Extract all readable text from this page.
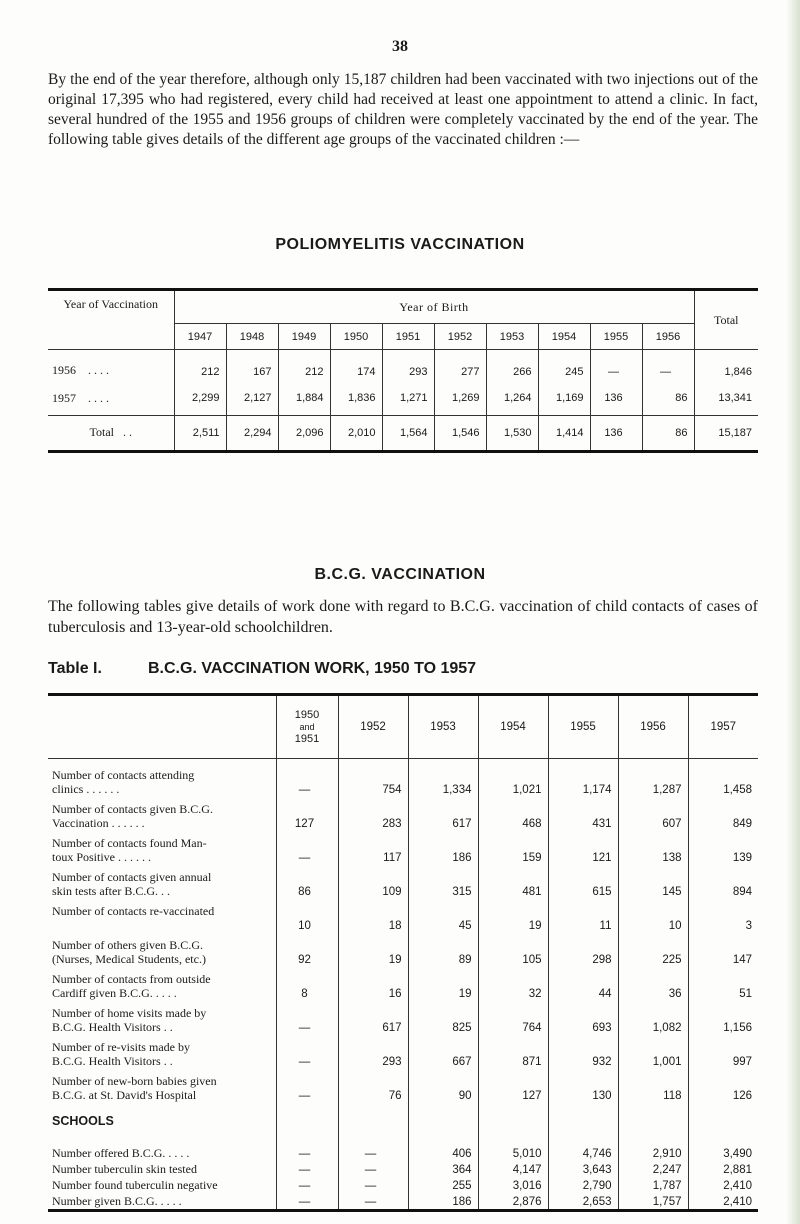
38
By the end of the year therefore, although only 15,187 children had been vaccinated with two injections out of the original 17,395 who had registered, every child had received at least one appointment to attend a clinic. In fact, several hundred of the 1955 and 1956 groups of children were completely vaccinated by the end of the year. The following table gives details of the different age groups of the vaccinated children :—
POLIOMYELITIS VACCINATION
Year of Vaccination	Year of Birth										Total
	1947	1948	1949	1950	1951	1952	1953	1954	1955	1956	
1956 . . . .	212	167	212	174	293	277	266	245	—	—	1,846
1957 . . . .	2,299	2,127	1,884	1,836	1,271	1,269	1,264	1,169	136	86	13,341
Total . .	2,511	2,294	2,096	2,010	1,564	1,546	1,530	1,414	136	86	15,187
B.C.G. VACCINATION
The following tables give details of work done with regard to B.C.G. vaccination of child contacts of cases of tuberculosis and 13-year-old schoolchildren.
Table I.	B.C.G. VACCINATION WORK, 1950 TO 1957

	1950
and
1951	1952	1953	1954	1955	1956	1957

Number of contacts attending
clinics . . . . . .	—	754	1,334	1,021	1,174	1,287	1,458

Number of contacts given B.C.G.
Vaccination . . . . . .	127	283	617	468	431	607	849

Number of contacts found Man-
toux Positive . . . . . .	—	117	186	159	121	138	139

Number of contacts given annual
skin tests after B.C.G. . .	86	109	315	481	615	145	894

Number of contacts re-vaccinated	10	18	45	19	11	10	3

Number of others given B.C.G.
(Nurses, Medical Students, etc.)	92	19	89	105	298	225	147

Number of contacts from outside
Cardiff given B.C.G. . . . .	8	16	19	32	44	36	51

Number of home visits made by
B.C.G. Health Visitors . .	—	617	825	764	693	1,082	1,156

Number of re-visits made by
B.C.G. Health Visitors . .	—	293	667	871	932	1,001	997

Number of new-born babies given
B.C.G. at St. David's Hospital	—	76	90	127	130	118	126
SCHOOLS							
Number offered B.C.G. . . . .	—	—	406	5,010	4,746	2,910	3,490
Number tuberculin skin tested	—	—	364	4,147	3,643	2,247	2,881
Number found tuberculin negative	—	—	255	3,016	2,790	1,787	2,410
Number given B.C.G. . . . .	—	—	186	2,876	2,653	1,757	2,410
